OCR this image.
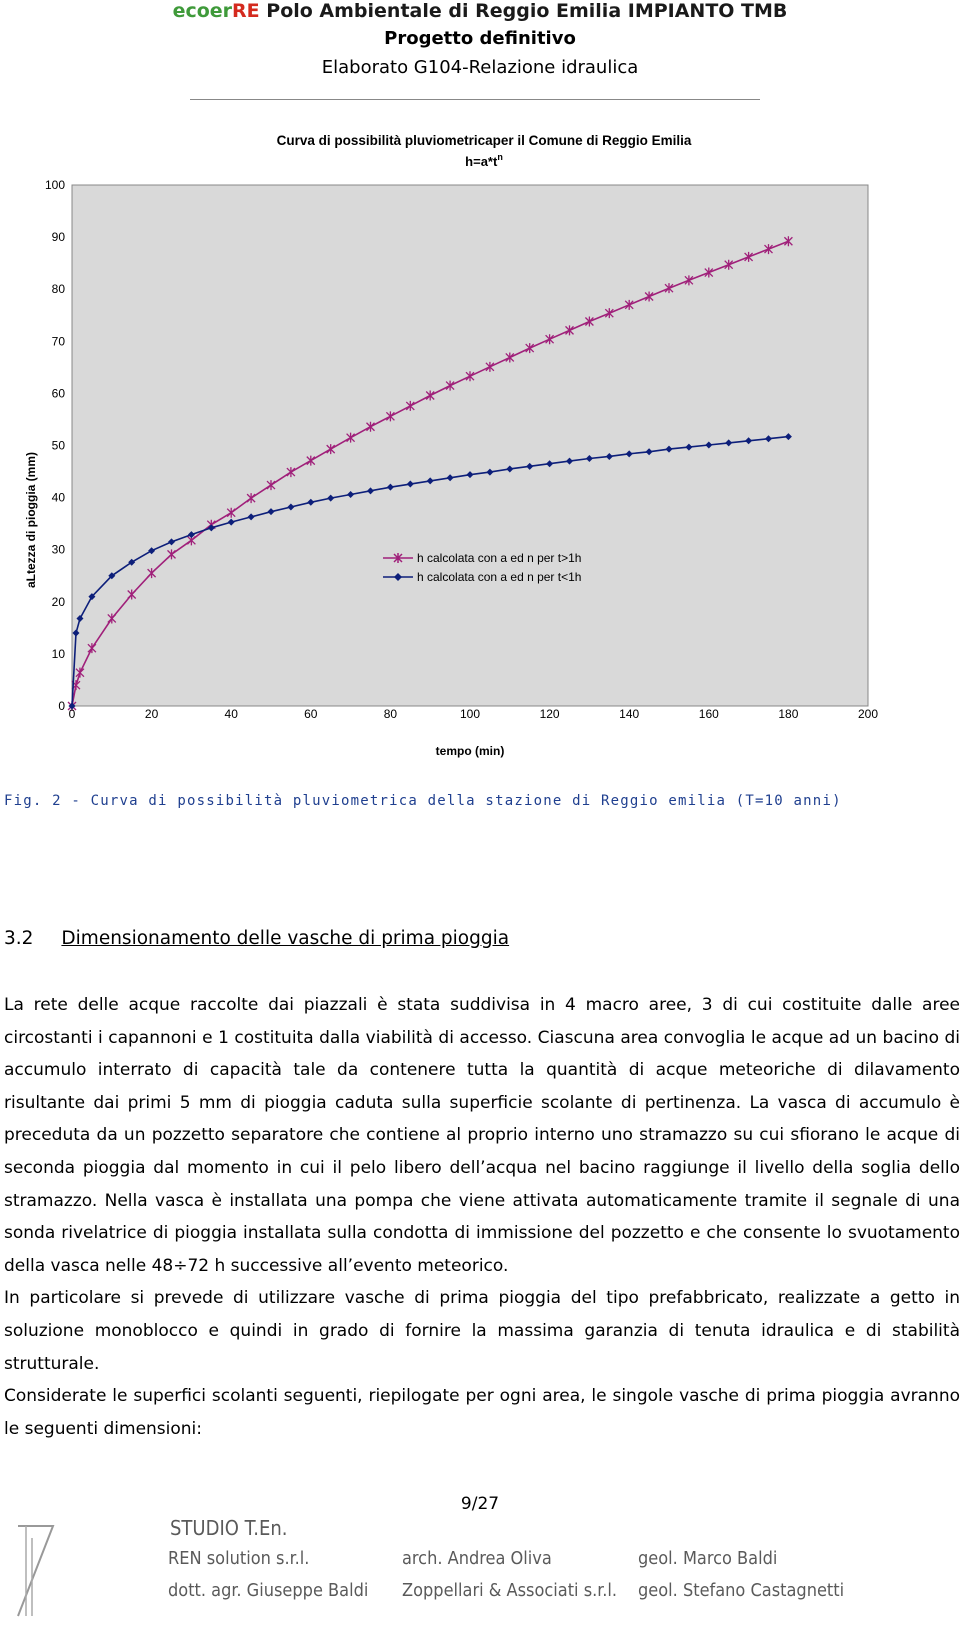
ecoerRE Polo Ambientale di Reggio Emilia IMPIANTO TMB
Progetto definitivo
Elaborato G104-Relazione idraulica
0
10
20
30
40
50
60
70
80
90
100
0	20	40	60	80	100	120	140	160	180	200
Curva di possibilità pluviometricaper il Comune di Reggio Emilia
$h=a*t^n$
tempo (min)
aLtezza di pioggia (mm)	h calcolata con a ed n per t>1h
h calcolata con a ed n per t<1h
Fig. 2 - Curva di possibilità pluviometrica della stazione di Reggio emilia (T=10 anni)
3.2 Dimensionamento delle vasche di prima pioggia

La rete delle acque raccolte dai piazzali è stata suddivisa in 4 macro aree, 3 di cui costituite dalle aree circostanti i capannoni e 1 costituita dalla viabilità di accesso. Ciascuna area convoglia le acque ad un bacino di accumulo interrato di capacità tale da contenere tutta la quantità di acque meteoriche di dilavamento risultante dai primi 5 mm di pioggia caduta sulla superficie scolante di pertinenza. La vasca di accumulo è preceduta da un pozzetto separatore che contiene al proprio interno uno stramazzo su cui sfiorano le acque di seconda pioggia dal momento in cui il pelo libero dell’acqua nel bacino raggiunge il livello della soglia dello stramazzo. Nella vasca è installata una pompa che viene attivata automaticamente tramite il segnale di una sonda rivelatrice di pioggia installata sulla condotta di immissione del pozzetto e che consente lo svuotamento della vasca nelle 48÷72 h successive all’evento meteorico.

In particolare si prevede di utilizzare vasche di prima pioggia del tipo prefabbricato, realizzate a getto in soluzione monoblocco e quindi in grado di fornire la massima garanzia di tenuta idraulica e di stabilità strutturale.

Considerate le superfici scolanti seguenti, riepilogate per ogni area, le singole vasche di prima pioggia avranno le seguenti dimensioni:

9/27
STUDIO T.En.
REN solution s.r.l.
dott. agr. Giuseppe Baldi
arch. Andrea Oliva
Zoppellari & Associati s.r.l.
geol. Marco Baldi
geol. Stefano Castagnetti
